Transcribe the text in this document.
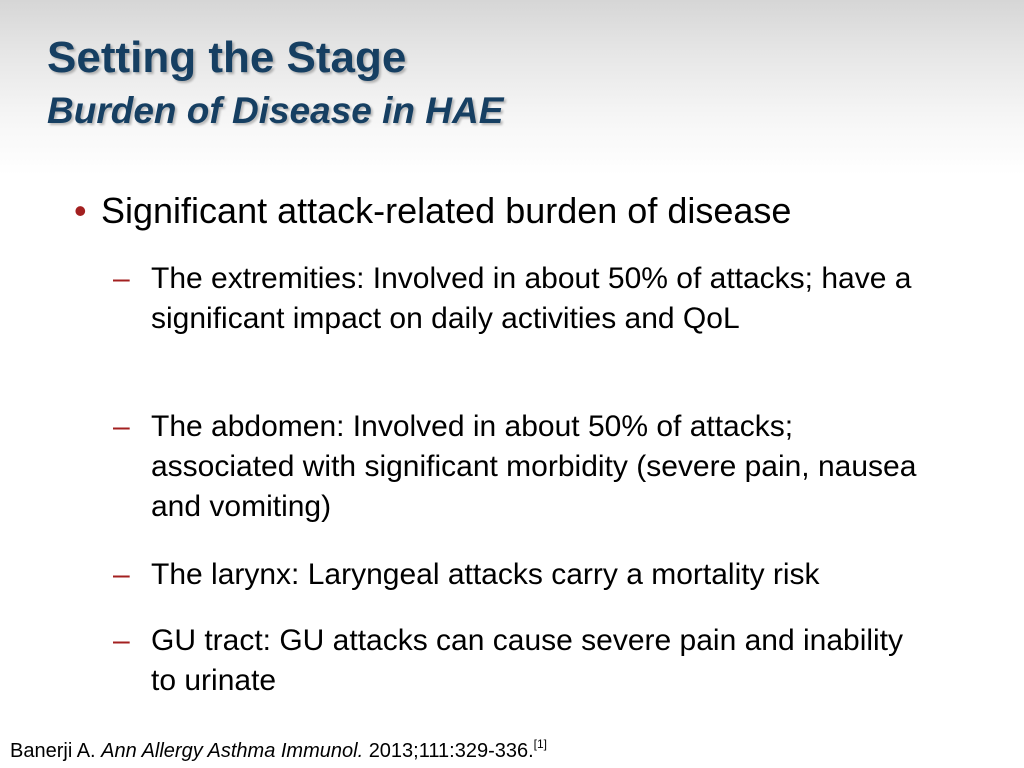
Setting the Stage
Burden of Disease in HAE
• Significant attack-related burden of disease
– The extremities: Involved in about 50% of attacks; have a significant impact on daily activities and QoL
– The abdomen: Involved in about 50% of attacks; associated with significant morbidity (severe pain, nausea and vomiting)
– The larynx: Laryngeal attacks carry a mortality risk
– GU tract: GU attacks can cause severe pain and inability to urinate
Banerji A. Ann Allergy Asthma Immunol. 2013;111:329-336.[1]
